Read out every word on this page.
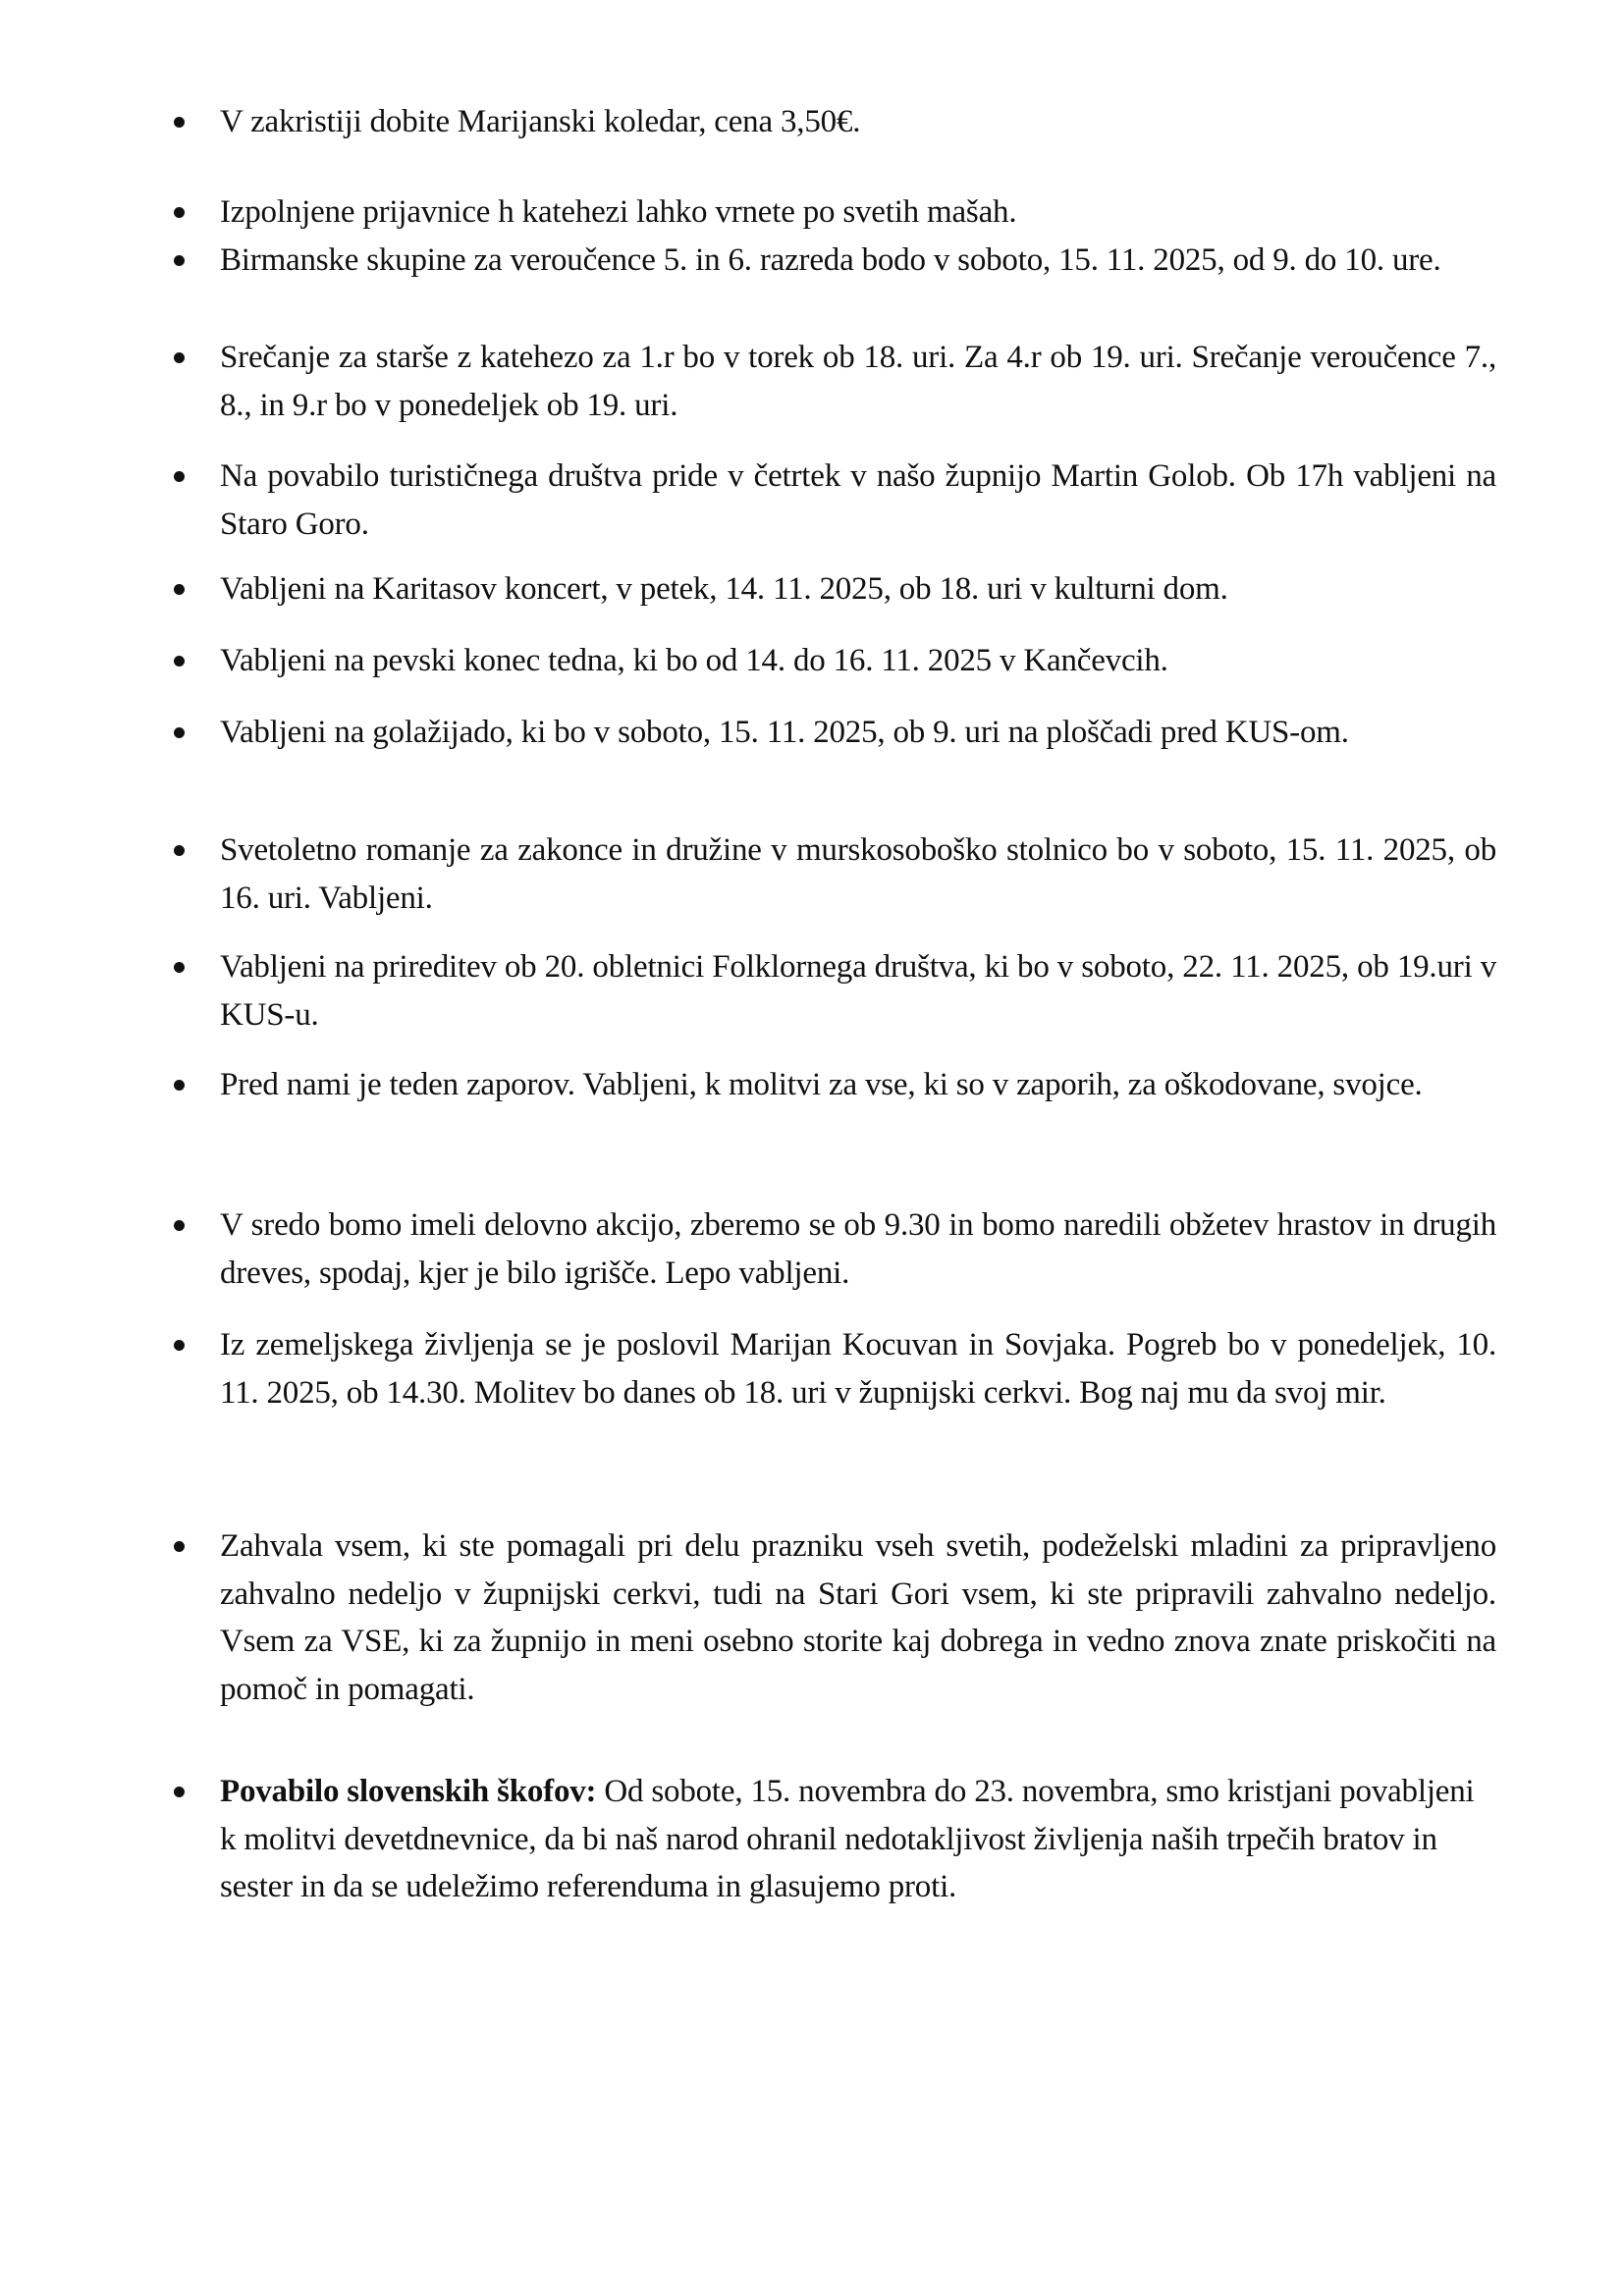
V zakristiji dobite Marijanski koledar, cena 3,50€.
Izpolnjene prijavnice h katehezi lahko vrnete po svetih mašah.
Birmanske skupine za veroučence 5. in 6. razreda bodo v soboto, 15. 11. 2025, od 9. do 10. ure.
Srečanje za starše z katehezo za 1.r bo v torek ob 18. uri. Za 4.r ob 19. uri. Srečanje veroučence 7., 8., in 9.r bo v ponedeljek ob 19. uri.
Na povabilo turističnega društva pride v četrtek v našo župnijo Martin Golob. Ob 17h vabljeni na Staro Goro.
Vabljeni na Karitasov koncert, v petek, 14. 11. 2025, ob 18. uri v kulturni dom.
Vabljeni na pevski konec tedna, ki bo od 14. do 16. 11. 2025 v Kančevcih.
Vabljeni na golažijado, ki bo v soboto, 15. 11. 2025, ob 9. uri na ploščadi pred KUS-om.
Svetoletno romanje za zakonce in družine v murskosoboško stolnico bo v soboto, 15. 11. 2025, ob 16. uri. Vabljeni.
Vabljeni na prireditev ob 20. obletnici Folklornega društva, ki bo v soboto, 22. 11. 2025, ob 19.uri v KUS-u.
Pred nami je teden zaporov. Vabljeni, k molitvi za vse, ki so v zaporih, za oškodovane, svojce.
V sredo bomo imeli delovno akcijo, zberemo se ob 9.30 in bomo naredili obžetev hrastov in drugih dreves, spodaj, kjer je bilo igrišče. Lepo vabljeni.
Iz zemeljskega življenja se je poslovil Marijan Kocuvan in Sovjaka. Pogreb bo v ponedeljek, 10. 11. 2025, ob 14.30. Molitev bo danes ob 18. uri v župnijski cerkvi. Bog naj mu da svoj mir.
Zahvala vsem, ki ste pomagali pri delu prazniku vseh svetih, podeželski mladini za pripravljeno zahvalno nedeljo v župnijski cerkvi, tudi na Stari Gori vsem, ki ste pripravili zahvalno nedeljo. Vsem za VSE, ki za župnijo in meni osebno storite kaj dobrega in vedno znova znate priskočiti na pomoč in pomagati.
Povabilo slovenskih škofov: Od sobote, 15. novembra do 23. novembra, smo kristjani povabljeni k molitvi devetdnevnice, da bi naš narod ohranil nedotakljivost življenja naših trpečih bratov in sester in da se udeležimo referenduma in glasujemo proti.
